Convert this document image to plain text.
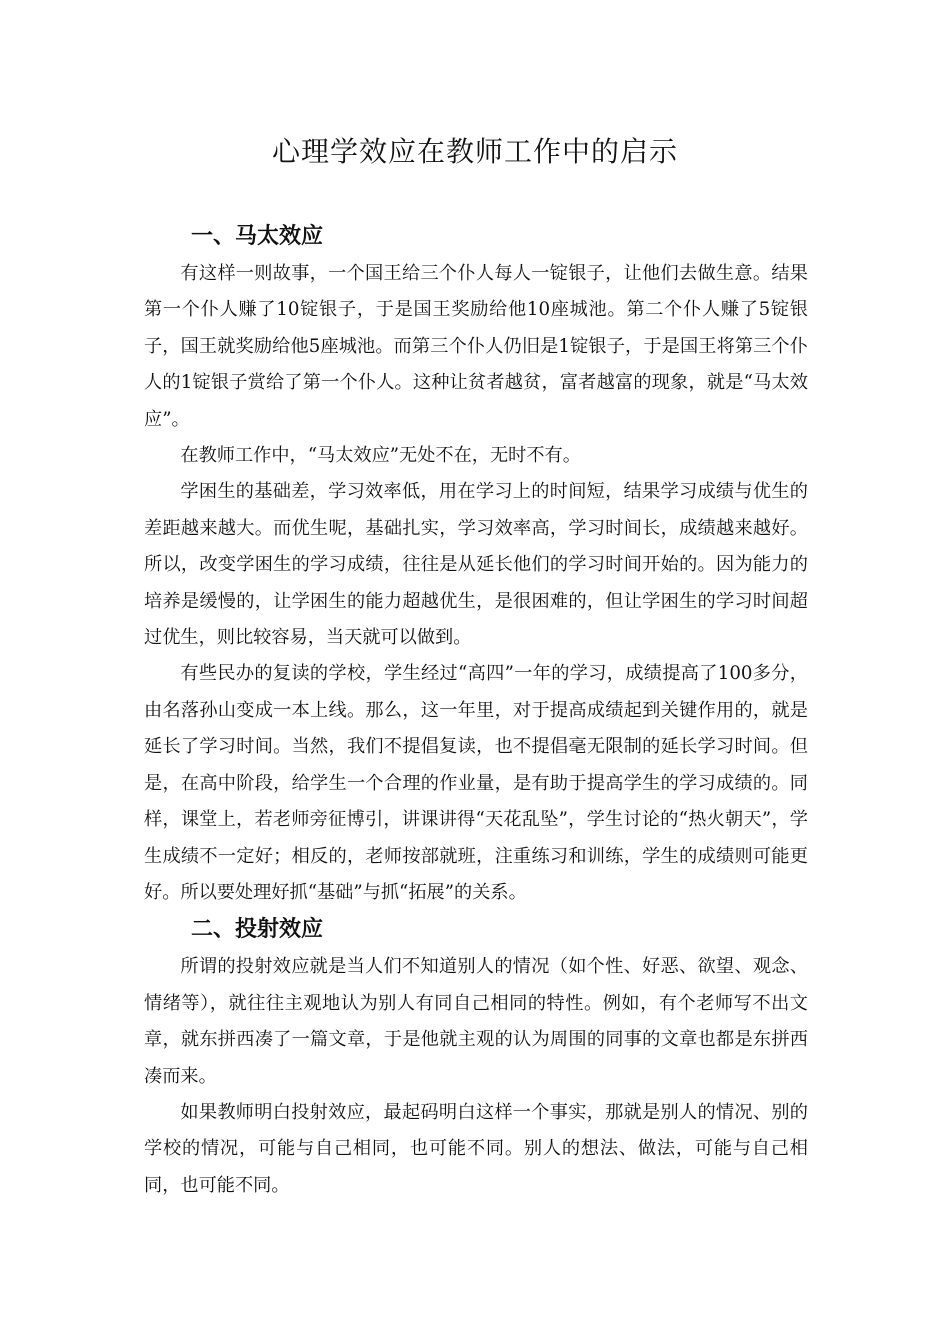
心理学效应在教师工作中的启示
一、马太效应

有这样一则故事，一个国王给三个仆人每人一锭银子，让他们去做生意。结果第一个仆人赚了10锭银子，于是国王奖励给他10座城池。第二个仆人赚了5锭银子，国王就奖励给他5座城池。而第三个仆人仍旧是1锭银子，于是国王将第三个仆人的1锭银子赏给了第一个仆人。这种让贫者越贫，富者越富的现象，就是“马太效应”。

在教师工作中，“马太效应”无处不在，无时不有。

学困生的基础差，学习效率低，用在学习上的时间短，结果学习成绩与优生的差距越来越大。而优生呢，基础扎实，学习效率高，学习时间长，成绩越来越好。所以，改变学困生的学习成绩，往往是从延长他们的学习时间开始的。因为能力的培养是缓慢的，让学困生的能力超越优生，是很困难的，但让学困生的学习时间超过优生，则比较容易，当天就可以做到。

有些民办的复读的学校，学生经过“高四”一年的学习，成绩提高了100多分，由名落孙山变成一本上线。那么，这一年里，对于提高成绩起到关键作用的，就是延长了学习时间。当然，我们不提倡复读，也不提倡毫无限制的延长学习时间。但是，在高中阶段，给学生一个合理的作业量，是有助于提高学生的学习成绩的。同样，课堂上，若老师旁征博引，讲课讲得“天花乱坠”，学生讨论的“热火朝天”，学生成绩不一定好；相反的，老师按部就班，注重练习和训练，学生的成绩则可能更好。所以要处理好抓“基础”与抓“拓展”的关系。

二、投射效应

所谓的投射效应就是当人们不知道别人的情况（如个性、好恶、欲望、观念、情绪等），就往往主观地认为别人有同自己相同的特性。例如，有个老师写不出文章，就东拼西凑了一篇文章，于是他就主观的认为周围的同事的文章也都是东拼西凑而来。

如果教师明白投射效应，最起码明白这样一个事实，那就是别人的情况、别的学校的情况，可能与自己相同，也可能不同。别人的想法、做法，可能与自己相同，也可能不同。
